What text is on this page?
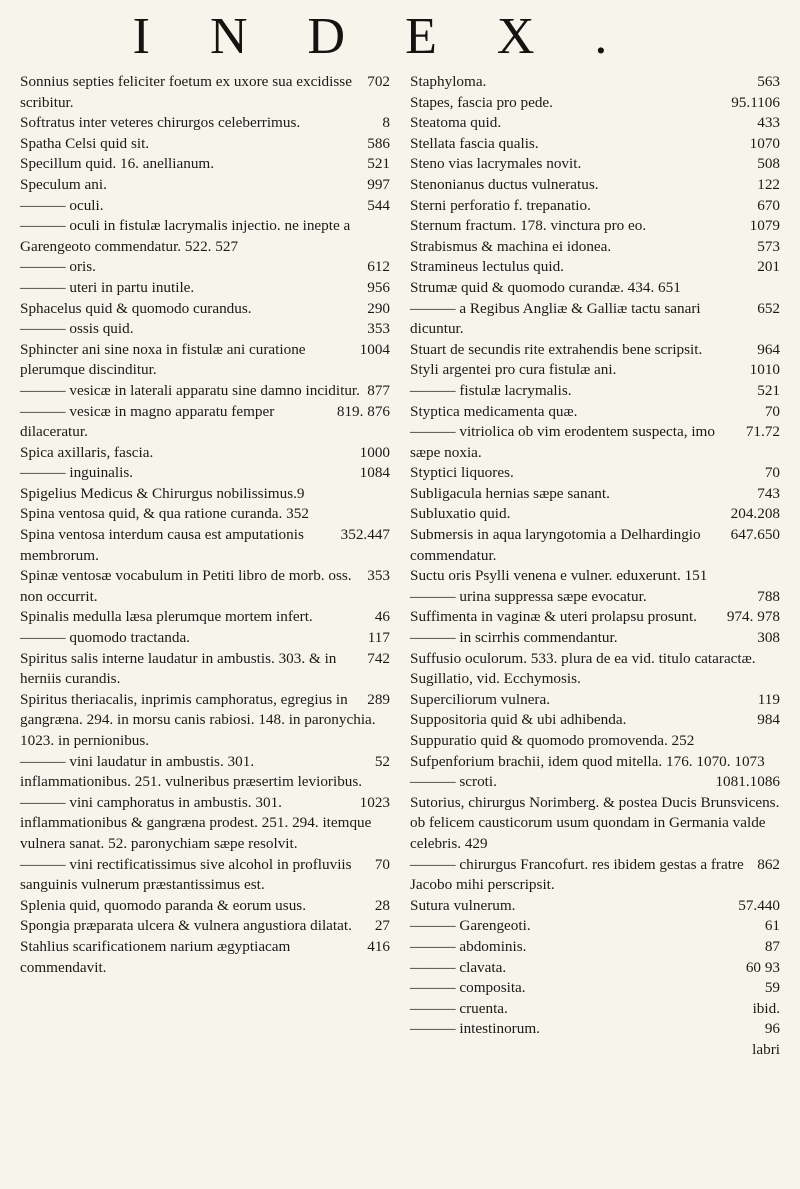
I N D E X.
702
Sonnius septies feliciter foetum ex uxore sua excidisse scribitur.
8
Softratus inter veteres chirurgos celeberrimus.
586
Spatha Celsi quid sit.
521
Specillum quid. 16. anellianum.
997
Speculum ani.
544
——— oculi.
——— oculi in fistulæ lacrymalis injectio. ne inepte a Garengeoto commendatur. 522. 527
612
——— oris.
956
——— uteri in partu inutile.
290
Sphacelus quid & quomodo curandus.
353
——— ossis quid.
1004
Sphincter ani sine noxa in fistulæ ani curatione plerumque discinditur.
877
——— vesicæ in laterali apparatu sine damno inciditur.
819. 876
——— vesicæ in magno apparatu femper dilaceratur.
1000
Spica axillaris, fascia.
1084
——— inguinalis.
Spigelius Medicus & Chirurgus nobilissimus.9
Spina ventosa quid, & qua ratione curanda. 352
352.447
Spina ventosa interdum causa est amputationis membrorum.
353
Spinæ ventosæ vocabulum in Petiti libro de morb. oss. non occurrit.
46
Spinalis medulla læsa plerumque mortem infert.
117
——— quomodo tractanda.
742
Spiritus salis interne laudatur in ambustis. 303. & in herniis curandis.
289
Spiritus theriacalis, inprimis camphoratus, egregius in gangræna. 294. in morsu canis rabiosi. 148. in paronychia. 1023. in pernionibus.
52
——— vini laudatur in ambustis. 301. inflammationibus. 251. vulneribus præsertim levioribus.
1023
——— vini camphoratus in ambustis. 301. inflammationibus & gangræna prodest. 251. 294. itemque vulnera sanat. 52. paronychiam sæpe resolvit.
70
——— vini rectificatissimus sive alcohol in profluviis sanguinis vulnerum præstantissimus est.
28
Splenia quid, quomodo paranda & eorum usus.
27
Spongia præparata ulcera & vulnera angustiora dilatat.
416
Stahlius scarificationem narium ægyptiacam commendavit.
563
Staphyloma.
95.1106
Stapes, fascia pro pede.
433
Steatoma quid.
1070
Stellata fascia qualis.
508
Steno vias lacrymales novit.
122
Stenonianus ductus vulneratus.
670
Sterni perforatio f. trepanatio.
1079
Sternum fractum. 178. vinctura pro eo.
573
Strabismus & machina ei idonea.
201
Stramineus lectulus quid.
Strumæ quid & quomodo curandæ. 434. 651
652
——— a Regibus Angliæ & Galliæ tactu sanari dicuntur.
964
Stuart de secundis rite extrahendis bene scripsit.
1010
Styli argentei pro cura fistulæ ani.
521
——— fistulæ lacrymalis.
70
Styptica medicamenta quæ.
71.72
——— vitriolica ob vim erodentem suspecta, imo sæpe noxia.
70
Styptici liquores.
743
Subligacula hernias sæpe sanant.
204.208
Subluxatio quid.
647.650
Submersis in aqua laryngotomia a Delhardingio commendatur.
Suctu oris Psylli venena e vulner. eduxerunt. 151
788
——— urina suppressa sæpe evocatur.
974. 978
Suffimenta in vaginæ & uteri prolapsu prosunt.
308
——— in scirrhis commendantur.
Suffusio oculorum. 533. plura de ea vid. titulo cataractæ.
Sugillatio, vid. Ecchymosis.
119
Superciliorum vulnera.
984
Suppositoria quid & ubi adhibenda.
Suppuratio quid & quomodo promovenda. 252
Sufpenforium brachii, idem quod mitella. 176. 1070. 1073
1081.1086
——— scroti.
Sutorius, chirurgus Norimberg. & postea Ducis Brunsvicens. ob felicem causticorum usum quondam in Germania valde celebris. 429
862
——— chirurgus Francofurt. res ibidem gestas a fratre Jacobo mihi perscripsit.
57.440
Sutura vulnerum.
61
——— Garengeoti.
87
——— abdominis.
60 93
——— clavata.
59
——— composita.
ibid.
——— cruenta.
96
——— intestinorum.
labri
